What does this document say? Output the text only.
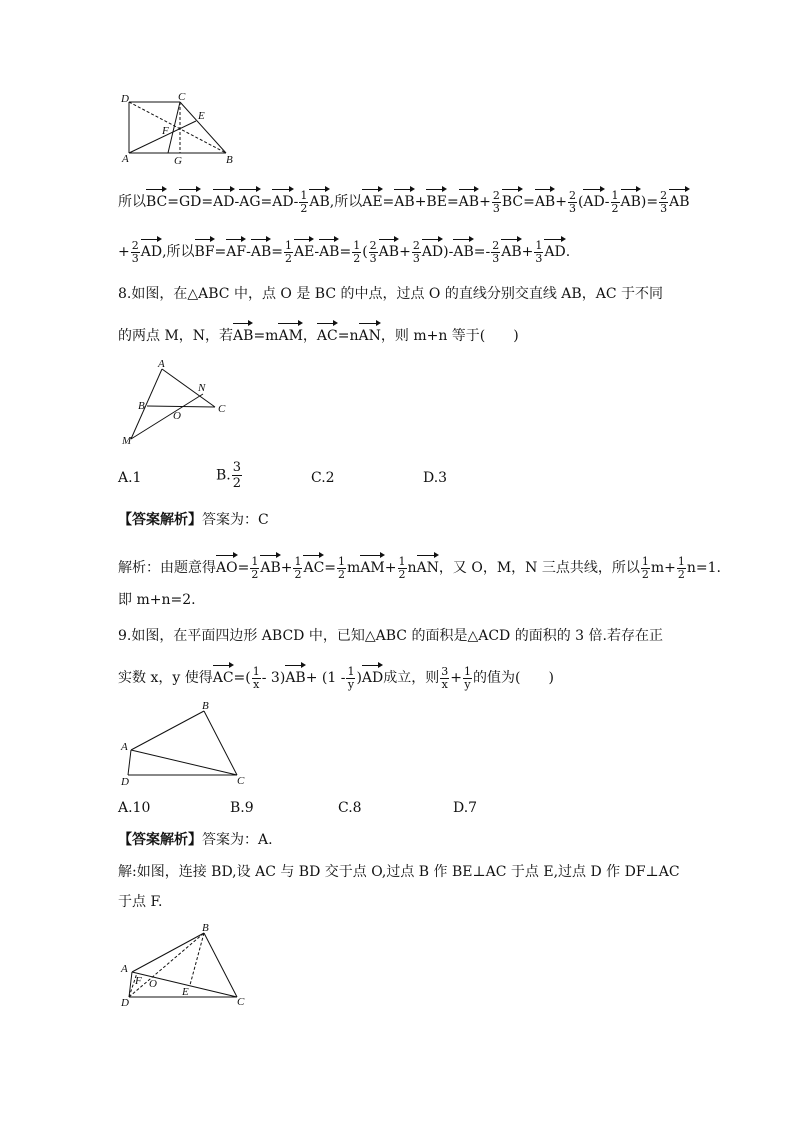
D	C
E
F
A	G	B
所以$BC=GD=AD-AG=AD- \frac{1}{2}$ AB,所以$AE=AB+BE=AB+ \frac{2}{3} BC=AB+ \frac{2}{3} (AD- \frac{1}{2} AB)= \frac{2}{3}$ AB
+ $\frac{2}{3}$ AD,所以$BF=AF-AB= \frac{1}{2} AE-AB= \frac{1}{2}$ ( $\frac{2}{3} AB+ \frac{2}{3} AD)-AB=- \frac{2}{3} AB+ \frac{1}{3}$ AD.
8.如图，在△ABC 中，点 O 是 BC 的中点，过点 O 的直线分别交直线 AB，AC 于不同
的两点 M，N，若AB=mAM，AC=nAN，则 m+n 等于(　　)
A
N
B
O
C
M
A.1	B. $\frac{3}{2}$	C.2	D.3
【答案解析】答案为：C
解析：由题意得$AO= \frac{1}{2} AB+ \frac{1}{2} AC= \frac{1}{2} mAM+ \frac{1}{2}$ nAN，又 O，M，N 三点共线，所以 $\frac{1}{2} m+ \frac{1}{2} n=1$.
即 m+n=2.
9.如图，在平面四边形 ABCD 中，已知△ABC 的面积是△ACD 的面积的 3 倍.若存在正
实数 x，y 使得$AC=( \frac{1}{x} - 3)AB+ (1 - \frac{1}{y} )AD$成立，则 $\frac{3}{x} + \frac{1}{y}$ 的值为(　　)
B
A
D	C
A.10	B.9	C.8	D.7
【答案解析】答案为：A.
解:如图，连接 BD,设 AC 与 BD 交于点 O,过点 B 作 BE⊥AC 于点 E,过点 D 作 DF⊥AC
于点 F.
B
A
F O
E
D	C
